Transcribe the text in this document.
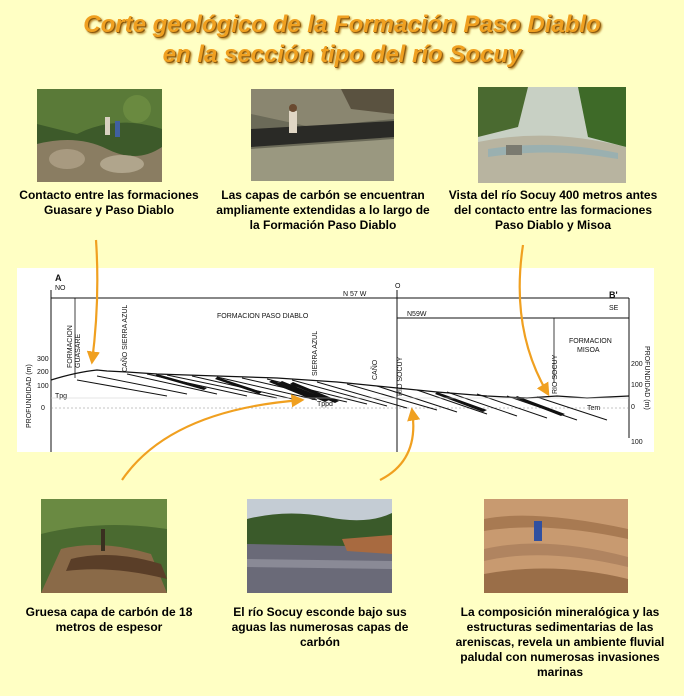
Corte geológico de la Formación Paso Diablo
en la sección tipo del río Socuy
Contacto entre las formaciones Guasare y Paso Diablo
Las capas de carbón se encuentran ampliamente extendidas a lo largo de la Formación Paso Diablo
Vista del río Socuy 400 metros antes del contacto entre las formaciones Paso Diablo y Misoa
A
NO	O
B'
SE
N 57 W
N59W
FORMACION PASO DIABLO
FORMACION
MISOA
FORMACION GUASARE	CAÑO SIERRA AZUL	SIERRA AZUL	CAÑO	RIO SOCUY	RIO SOCUY
PROFUNDIDAD (m)	PROFUNDIDAD (m)
300
200
100
0
200
100
0
100
Tpg
Tppd
Tem
Gruesa capa de carbón de 18 metros de espesor
El río Socuy esconde bajo sus aguas las numerosas capas de carbón
La composición mineralógica y las estructuras sedimentarias de las areniscas, revela un ambiente fluvial paludal con numerosas invasiones marinas
